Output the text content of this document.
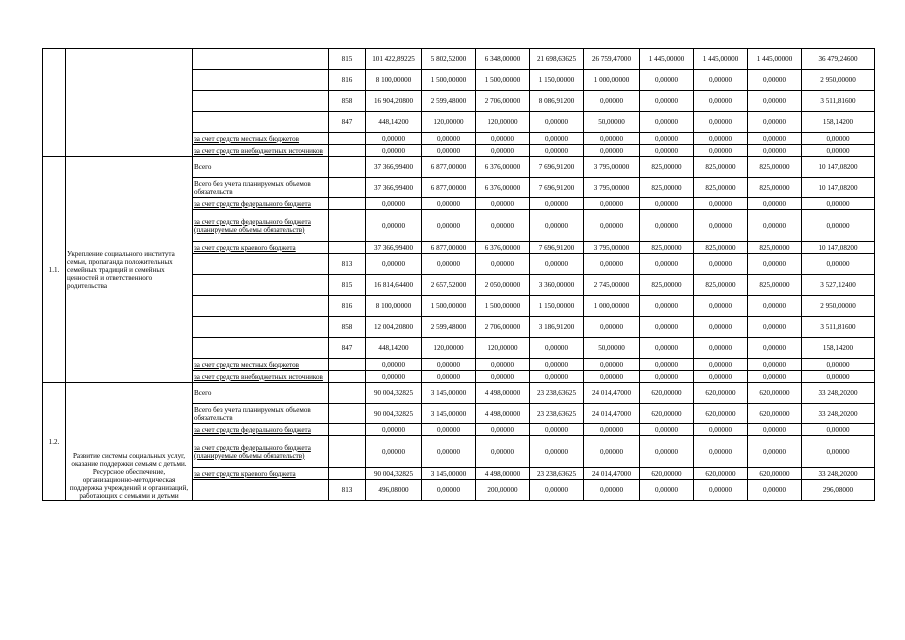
			815	101 422,89225	5 802,52000	6 348,00000	21 698,63625	26 759,47000	1 445,00000	1 445,00000	1 445,00000	36 479,24600
			816	8 100,00000	1 500,00000	1 500,00000	1 150,00000	1 000,00000	0,00000	0,00000	0,00000	2 950,00000
			858	16 904,20800	2 599,48000	2 706,00000	8 086,91200	0,00000	0,00000	0,00000	0,00000	3 511,81600
			847	448,14200	120,00000	120,00000	0,00000	50,00000	0,00000	0,00000	0,00000	158,14200
		за счет средств местных бюджетов		0,00000	0,00000	0,00000	0,00000	0,00000	0,00000	0,00000	0,00000	0,00000
		за счет средств внебюджетных источников		0,00000	0,00000	0,00000	0,00000	0,00000	0,00000	0,00000	0,00000	0,00000
1.1.	Укрепление социального института семьи, пропаганда положительных семейных традиций и семейных ценностей и ответственного родительства	Всего		37 366,99400	6 877,00000	6 376,00000	7 696,91200	3 795,00000	825,00000	825,00000	825,00000	10 147,08200
		Всего без учета планируемых объемов обязательств		37 366,99400	6 877,00000	6 376,00000	7 696,91200	3 795,00000	825,00000	825,00000	825,00000	10 147,08200
		за счет средств федерального бюджета		0,00000	0,00000	0,00000	0,00000	0,00000	0,00000	0,00000	0,00000	0,00000
		за счет средств федерального бюджета (планируемые объемы обязательств)		0,00000	0,00000	0,00000	0,00000	0,00000	0,00000	0,00000	0,00000	0,00000
		за счет средств краевого бюджета		37 366,99400	6 877,00000	6 376,00000	7 696,91200	3 795,00000	825,00000	825,00000	825,00000	10 147,08200
			813	0,00000	0,00000	0,00000	0,00000	0,00000	0,00000	0,00000	0,00000	0,00000
			815	16 814,64400	2 657,52000	2 050,00000	3 360,00000	2 745,00000	825,00000	825,00000	825,00000	3 527,12400
			816	8 100,00000	1 500,00000	1 500,00000	1 150,00000	1 000,00000	0,00000	0,00000	0,00000	2 950,00000
			858	12 004,20800	2 599,48000	2 706,00000	3 186,91200	0,00000	0,00000	0,00000	0,00000	3 511,81600
			847	448,14200	120,00000	120,00000	0,00000	50,00000	0,00000	0,00000	0,00000	158,14200
		за счет средств местных бюджетов		0,00000	0,00000	0,00000	0,00000	0,00000	0,00000	0,00000	0,00000	0,00000
		за счет средств внебюджетных источников		0,00000	0,00000	0,00000	0,00000	0,00000	0,00000	0,00000	0,00000	0,00000
1.2.	Развитие системы социальных услуг, оказание поддержки семьям с детьми. Ресурсное обеспечение, организационно-методическая поддержка учреждений и организаций, работающих с семьями и детьми	Всего		90 004,32825	3 145,00000	4 498,00000	23 238,63625	24 014,47000	620,00000	620,00000	620,00000	33 248,20200
		Всего без учета планируемых объемов обязательств		90 004,32825	3 145,00000	4 498,00000	23 238,63625	24 014,47000	620,00000	620,00000	620,00000	33 248,20200
		за счет средств федерального бюджета		0,00000	0,00000	0,00000	0,00000	0,00000	0,00000	0,00000	0,00000	0,00000
		за счет средств федерального бюджета (планируемые объемы обязательств)		0,00000	0,00000	0,00000	0,00000	0,00000	0,00000	0,00000	0,00000	0,00000
		за счет средств краевого бюджета		90 004,32825	3 145,00000	4 498,00000	23 238,63625	24 014,47000	620,00000	620,00000	620,00000	33 248,20200
			813	496,08000	0,00000	200,00000	0,00000	0,00000	0,00000	0,00000	0,00000	296,08000
